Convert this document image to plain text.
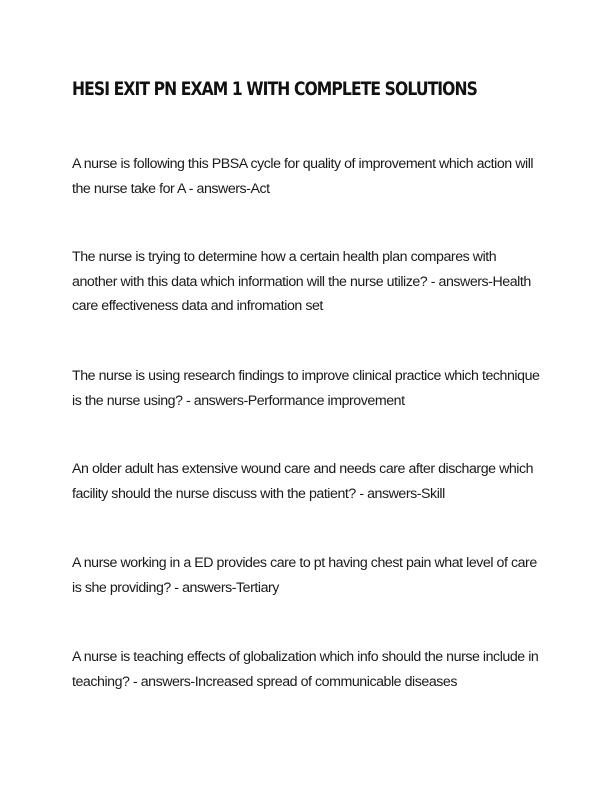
HESI EXIT PN EXAM 1 WITH COMPLETE SOLUTIONS

A nurse is following this PBSA cycle for quality of improvement which action will the nurse take for A - answers-Act

The nurse is trying to determine how a certain health plan compares with another with this data which information will the nurse utilize? - answers-Health care effectiveness data and infromation set

The nurse is using research findings to improve clinical practice which technique is the nurse using? - answers-Performance improvement

An older adult has extensive wound care and needs care after discharge which facility should the nurse discuss with the patient? - answers-Skill

A nurse working in a ED provides care to pt having chest pain what level of care is she providing? - answers-Tertiary

A nurse is teaching effects of globalization which info should the nurse include in teaching? - answers-Increased spread of communicable diseases
